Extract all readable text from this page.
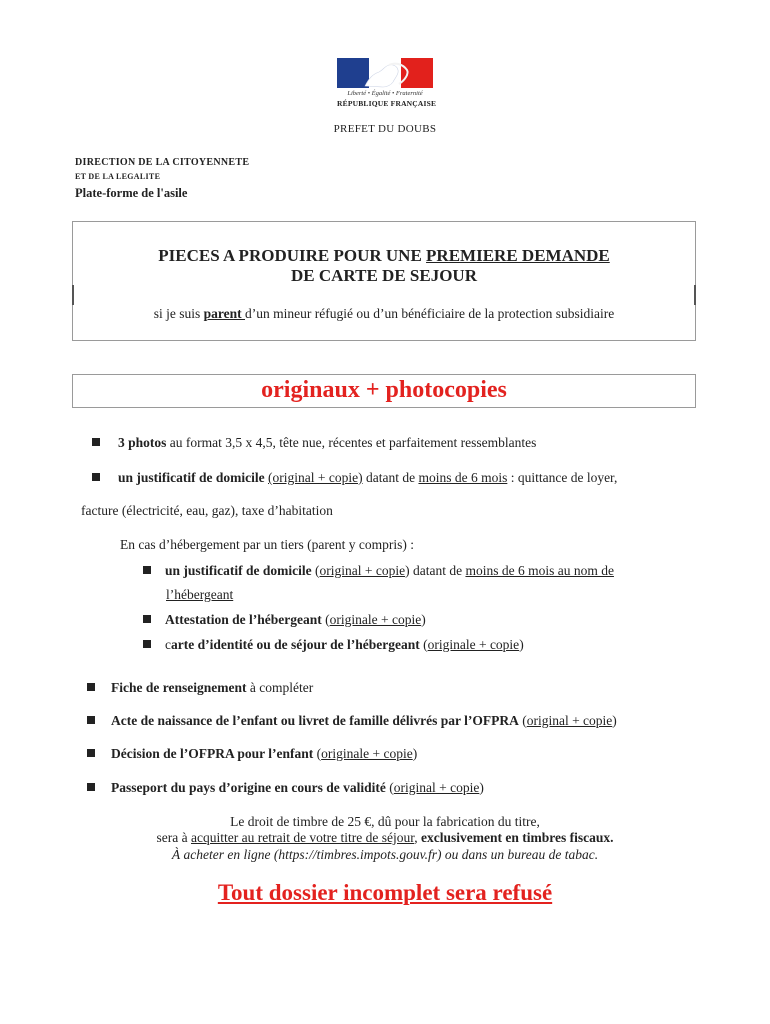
Liberté • Égalité • Fraternité
RÉPUBLIQUE FRANÇAISE
PREFET DU DOUBS
DIRECTION DE LA CITOYENNETE
ET DE LA LEGALITE
Plate-forme de l'asile
PIECES A PRODUIRE POUR UNE PREMIERE DEMANDE
DE CARTE DE SEJOUR
si je suis parent d’un mineur réfugié ou d’un bénéficiaire de la protection subsidiaire
originaux + photocopies
3 photos au format 3,5 x 4,5, tête nue, récentes et parfaitement ressemblantes
un justificatif de domicile (original + copie) datant de moins de 6 mois : quittance de loyer,
facture (électricité, eau, gaz), taxe d’habitation
En cas d’hébergement par un tiers (parent y compris) :
un justificatif de domicile (original + copie) datant de moins de 6 mois au nom de
l’hébergeant
Attestation de l’hébergeant (originale + copie)
carte d’identité ou de séjour de l’hébergeant (originale + copie)
Fiche de renseignement à compléter
Acte de naissance de l’enfant ou livret de famille délivrés par l’OFPRA (original + copie)
Décision de l’OFPRA pour l’enfant (originale + copie)
Passeport du pays d’origine en cours de validité (original + copie)
Le droit de timbre de 25 €, dû pour la fabrication du titre,
sera à acquitter au retrait de votre titre de séjour, exclusivement en timbres fiscaux.
À acheter en ligne (https://timbres.impots.gouv.fr) ou dans un bureau de tabac.
Tout dossier incomplet sera refusé
